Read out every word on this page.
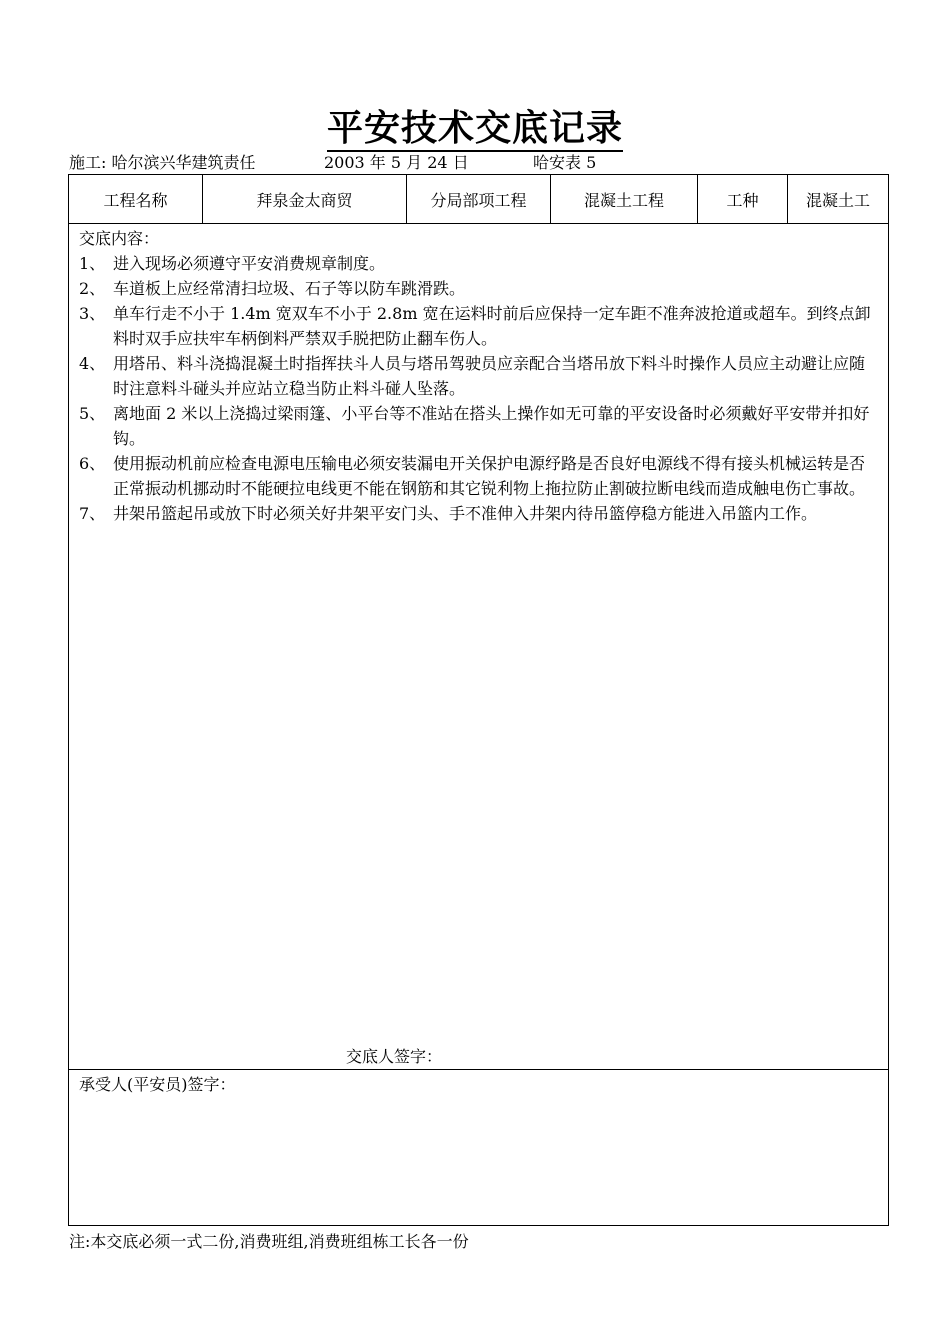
平安技术交底记录
施工: 哈尔滨兴华建筑责任	2003 年 5 月 24 日	哈安表 5
工程名称	拜泉金太商贸	分局部项工程	混凝土工程	工种	混凝土工

交底内容：
1、 进入现场必须遵守平安消费规章制度。
2、 车道板上应经常清扫垃圾、石子等以防车跳滑跌。
3、 单车行走不小于 1.4m 宽双车不小于 2.8m 宽在运料时前后应保持一定车距不准奔波抢道或超车。到终点卸料时双手应扶牢车柄倒料严禁双手脱把防止翻车伤人。
4、 用塔吊、料斗浇捣混凝土时指挥扶斗人员与塔吊驾驶员应亲配合当塔吊放下料斗时操作人员应主动避让应随时注意料斗碰头并应站立稳当防止料斗碰人坠落。
5、 离地面 2 米以上浇捣过梁雨篷、小平台等不准站在搭头上操作如无可靠的平安设备时必须戴好平安带并扣好钩。
6、 使用振动机前应检查电源电压输电必须安装漏电开关保护电源纾路是否良好电源线不得有接头机械运转是否正常振动机挪动时不能硬拉电线更不能在钢筋和其它锐利物上拖拉防止割破拉断电线而造成触电伤亡事故。
7、 井架吊篮起吊或放下时必须关好井架平安门头、手不准伸入井架内待吊篮停稳方能进入吊篮内工作。
交底人签字：

承受人(平安员)签字：
注:本交底必须一式二份,消费班组,消费班组栋工长各一份
